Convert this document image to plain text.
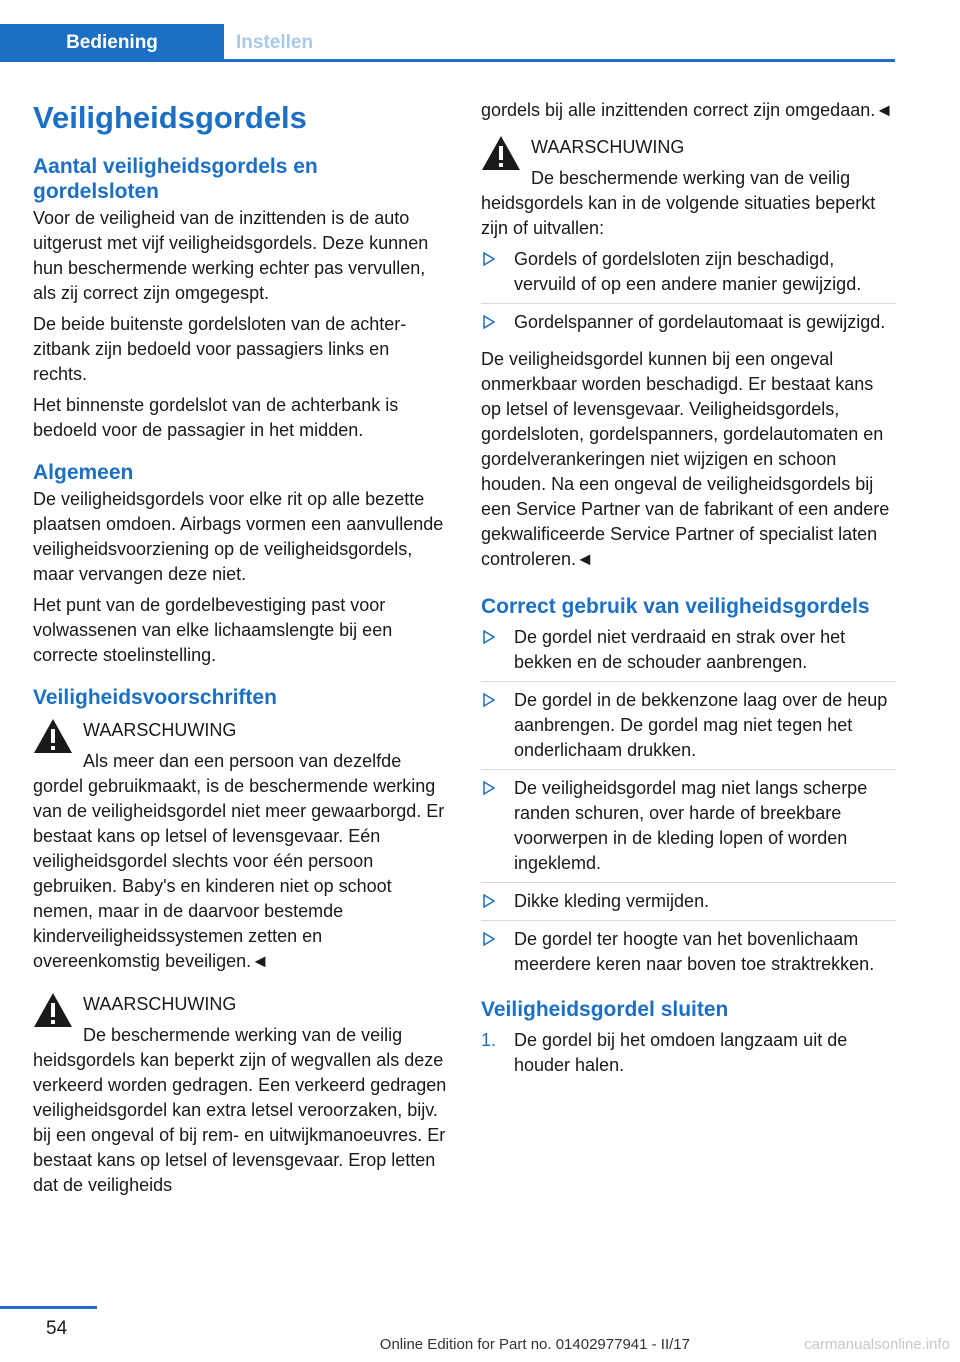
Bediening	Instellen
Veiligheidsgordels
Aantal veiligheidsgordels en gordelsloten

Voor de veiligheid van de inzittenden is de auto uitgerust met vijf veiligheidsgordels. Deze kunnen hun beschermende werking echter pas vervullen, als zij correct zijn omgegespt.

De beide buitenste gordelsloten van de achterzitbank zijn bedoeld voor passagiers links en rechts.

Het binnenste gordelslot van de achterbank is bedoeld voor de passagier in het midden.

Algemeen

De veiligheidsgordels voor elke rit op alle bezette plaatsen omdoen. Airbags vormen een aanvullende veiligheidsvoorziening op de veiligheidsgordels, maar vervangen deze niet.

Het punt van de gordelbevestiging past voor volwassenen van elke lichaamslengte bij een correcte stoelinstelling.

Veiligheidsvoorschriften
WAARSCHUWING
Als meer dan een persoon van dezelfde
gordel gebruikmaakt, is de beschermende werking van de veiligheidsgordel niet meer gewaarborgd. Er bestaat kans op letsel of levensgevaar. Eén veiligheidsgordel slechts voor één persoon gebruiken. Baby's en kinderen niet op schoot nemen, maar in de daarvoor bestemde kinderveiligheidssystemen zetten en overeenkomstig beveiligen.◄
WAARSCHUWING
De beschermende werking van de veilig
heidsgordels kan beperkt zijn of wegvallen als deze verkeerd worden gedragen. Een verkeerd gedragen veiligheidsgordel kan extra letsel veroorzaken, bijv. bij een ongeval of bij rem- en uitwijkmanoeuvres. Er bestaat kans op letsel of levensgevaar. Erop letten dat de veiligheids

gordels bij alle inzittenden correct zijn omgedaan.◄

WAARSCHUWING
De beschermende werking van de veilig
heidsgordels kan in de volgende situaties beperkt zijn of uitvallen:
Gordels of gordelsloten zijn beschadigd, vervuild of op een andere manier gewijzigd.
Gordelspanner of gordelautomaat is gewijzigd.

De veiligheidsgordel kunnen bij een ongeval onmerkbaar worden beschadigd. Er bestaat kans op letsel of levensgevaar. Veiligheidsgordels, gordelsloten, gordelspanners, gordelautomaten en gordelverankeringen niet wijzigen en schoon houden. Na een ongeval de veiligheidsgordels bij een Service Partner van de fabrikant of een andere gekwalificeerde Service Partner of specialist laten controleren.◄

Correct gebruik van veiligheidsgordels
De gordel niet verdraaid en strak over het bekken en de schouder aanbrengen.
De gordel in de bekkenzone laag over de heup aanbrengen. De gordel mag niet tegen het onderlichaam drukken.
De veiligheidsgordel mag niet langs scherpe randen schuren, over harde of breekbare voorwerpen in de kleding lopen of worden ingeklemd.
Dikke kleding vermijden.
De gordel ter hoogte van het bovenlichaam meerdere keren naar boven toe straktrekken.
Veiligheidsgordel sluiten
1. De gordel bij het omdoen langzaam uit de houder halen.
54
Online Edition for Part no. 01402977941 - II/17	carmanualsonline.info
